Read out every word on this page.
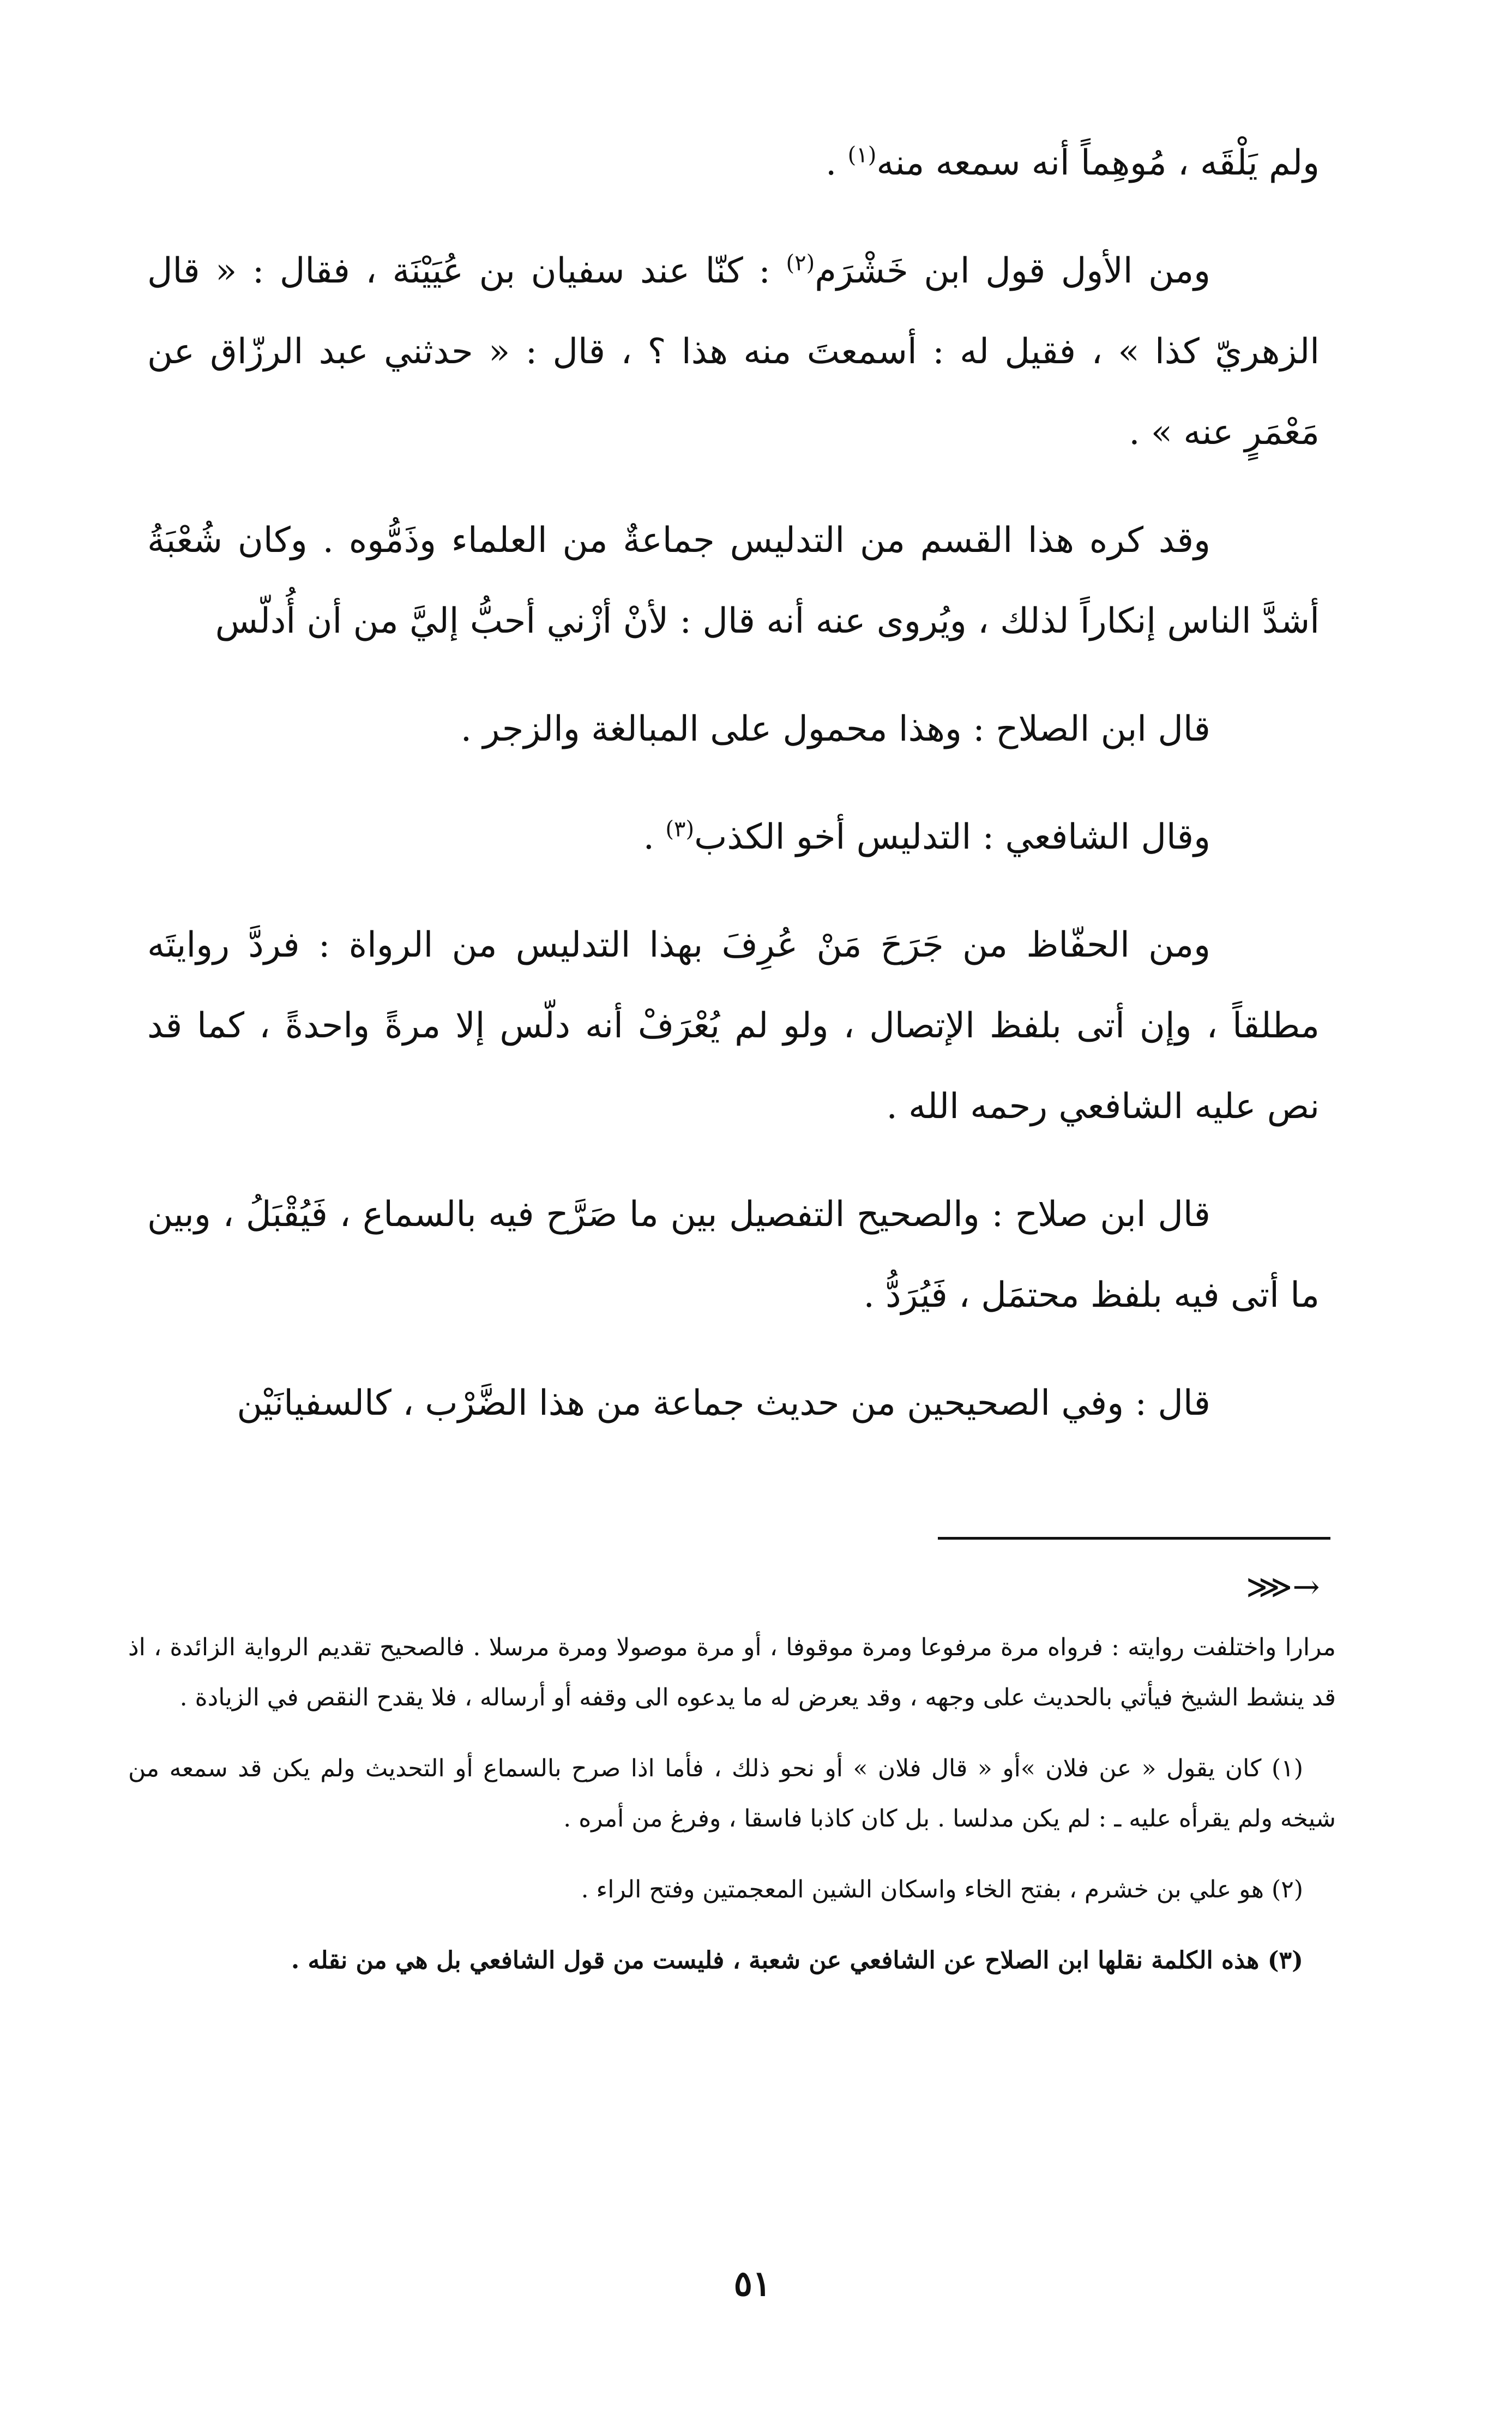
ولم يَلْقَه ، مُوهِماً أنه سمعه منه$^{(١)}$ .

ومن الأول قول ابن خَشْرَم$^{(٢)}$ : كنّا عند سفيان بن عُيَيْنَة ، فقال : « قال الزهريّ كذا » ، فقيل له : أسمعتَ منه هذا ؟ ، قال : « حدثني عبد الرزّاق عن مَعْمَرٍ عنه » .

وقد كره هذا القسم من التدليس جماعةٌ من العلماء وذَمُّوه . وكان شُعْبَةُ أشدَّ الناس إنكاراً لذلك ، ويُروى عنه أنه قال : لأنْ أزْني أحبُّ إليَّ من أن أُدلّس

قال ابن الصلاح : وهذا محمول على المبالغة والزجر .

وقال الشافعي : التدليس أخو الكذب$^{(٣)}$ .

ومن الحفّاظ من جَرَحَ مَنْ عُرِفَ بهذا التدليس من الرواة : فردَّ روايتَه مطلقاً ، وإن أتى بلفظ الإتصال ، ولو لم يُعْرَفْ أنه دلّس إلا مرةً واحدةً ، كما قد نص عليه الشافعي رحمه الله .

قال ابن صلاح : والصحيح التفصيل بين ما صَرَّح فيه بالسماع ، فَيُقْبَلُ ، وبين ما أتى فيه بلفظ محتمَل ، فَيُرَدُّ .

قال : وفي الصحيحين من حديث جماعة من هذا الضَّرْب ، كالسفيانَيْن

⋙→

مرارا واختلفت روايته : فرواه مرة مرفوعا ومرة موقوفا ، أو مرة موصولا ومرة مرسلا . فالصحيح تقديم الرواية الزائدة ، اذ قد ينشط الشيخ فيأتي بالحديث على وجهه ، وقد يعرض له ما يدعوه الى وقفه أو أرساله ، فلا يقدح النقص في الزيادة .

(١) كان يقول « عن فلان »أو « قال فلان » أو نحو ذلك ، فأما اذا صرح بالسماع أو التحديث ولم يكن قد سمعه من شيخه ولم يقرأه عليه ـ : لم يكن مدلسا . بل كان كاذبا فاسقا ، وفرغ من أمره .

(٢) هو علي بن خشرم ، بفتح الخاء واسكان الشين المعجمتين وفتح الراء .

(٣) هذه الكلمة نقلها ابن الصلاح عن الشافعي عن شعبة ، فليست من قول الشافعي بل هي من نقله .

٥١
